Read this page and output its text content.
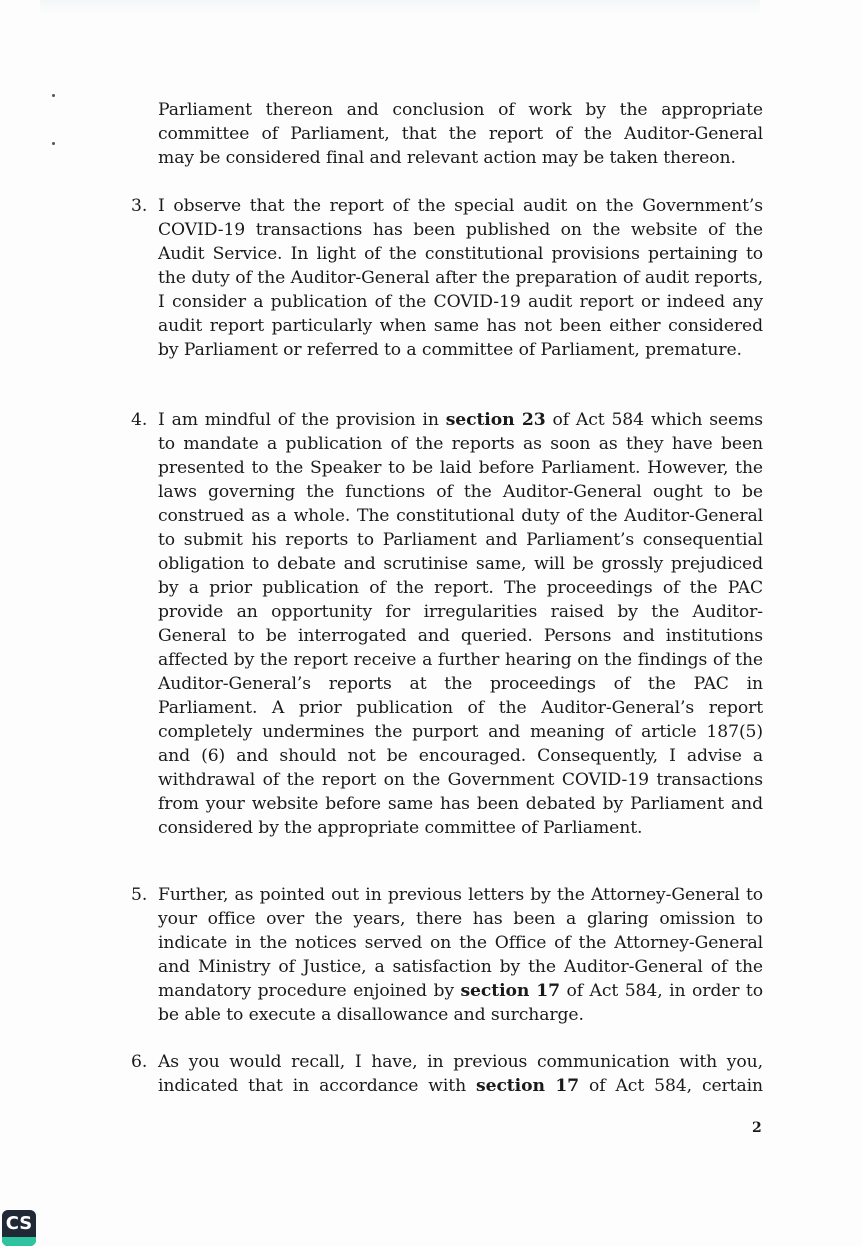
Parliament thereon and conclusion of work by the appropriate

committee of Parliament, that the report of the Auditor-General

may be considered final and relevant action may be taken thereon.

3. I observe that the report of the special audit on the Government’s COVID-19 transactions has been published on the website of the Audit Service. In light of the constitutional provisions pertaining to the duty of the Auditor-General after the preparation of audit reports, I consider a publication of the COVID-19 audit report or indeed any audit report particularly when same has not been either considered by Parliament or referred to a committee of Parliament, premature.

4. I am mindful of the provision in section 23 of Act 584 which seems to mandate a publication of the reports as soon as they have been presented to the Speaker to be laid before Parliament. However, the laws governing the functions of the Auditor-General ought to be construed as a whole. The constitutional duty of the Auditor-General to submit his reports to Parliament and Parliament’s consequential obligation to debate and scrutinise same, will be grossly prejudiced by a prior publication of the report. The proceedings of the PAC provide an opportunity for irregularities raised by the Auditor-General to be interrogated and queried. Persons and institutions affected by the report receive a further hearing on the findings of the Auditor-General’s reports at the proceedings of the PAC in Parliament. A prior publication of the Auditor-General’s report completely undermines the purport and meaning of article 187(5) and (6) and should not be encouraged. Consequently, I advise a withdrawal of the report on the Government COVID-19 transactions from your website before same has been debated by Parliament and considered by the appropriate committee of Parliament.

5. Further, as pointed out in previous letters by the Attorney-General to your office over the years, there has been a glaring omission to indicate in the notices served on the Office of the Attorney-General and Ministry of Justice, a satisfaction by the Auditor-General of the mandatory procedure enjoined by section 17 of Act 584, in order to be able to execute a disallowance and surcharge.

6. As you would recall, I have, in previous communication with you, indicated that in accordance with section 17 of Act 584, certain

2
CS
